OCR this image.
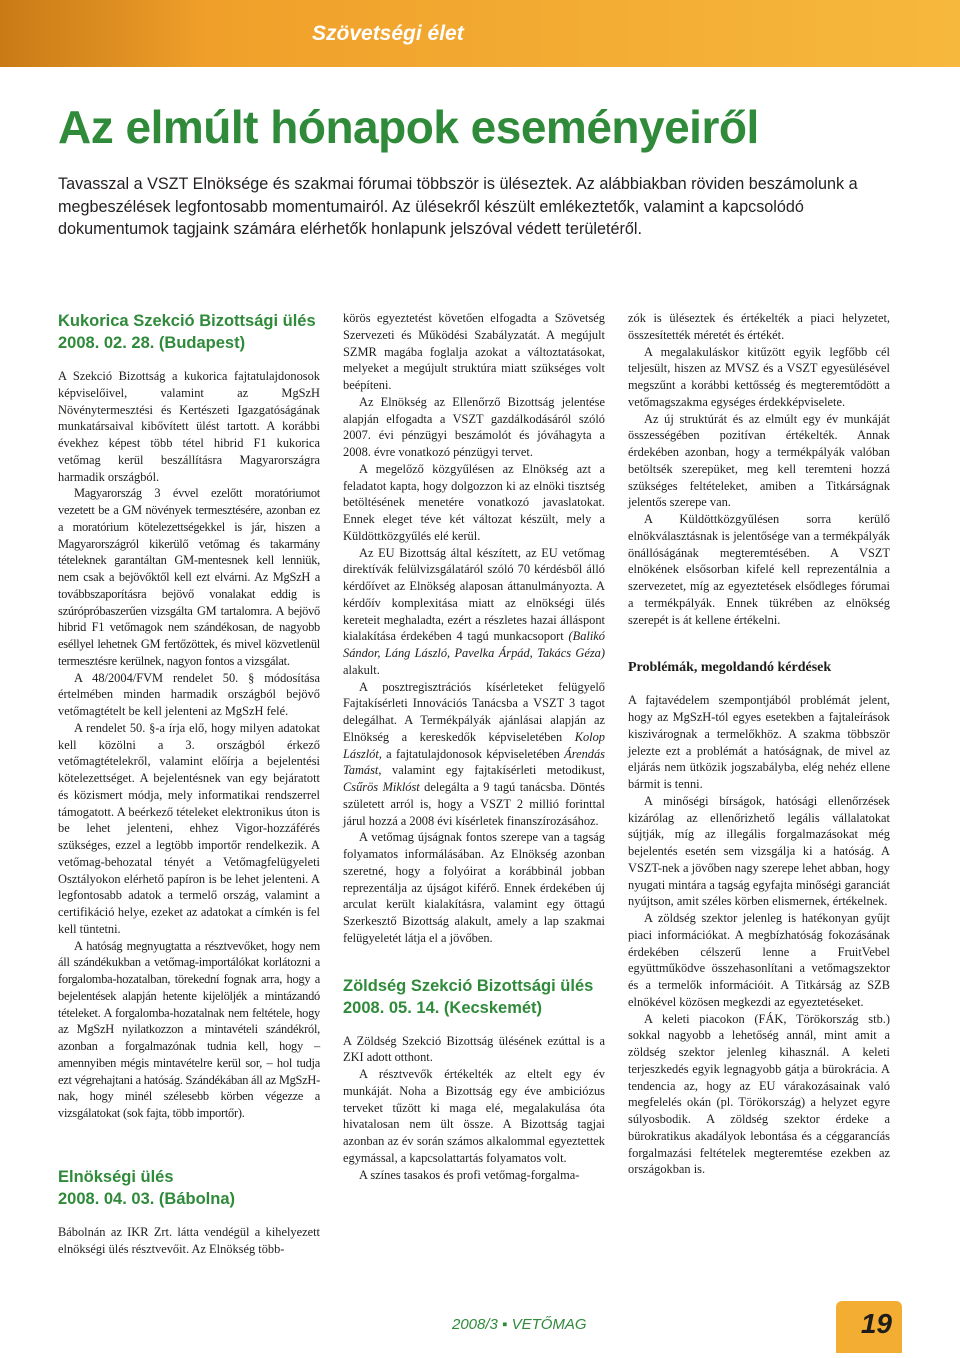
Szövetségi élet
Az elmúlt hónapok eseményeiről

Tavasszal a VSZT Elnöksége és szakmai fórumai többször is üléseztek. Az alábbiakban röviden beszámolunk a megbeszélések legfontosabb momentumairól. Az ülésekről készült emlékeztetők, valamint a kapcsolódó dokumentumok tagjaink számára elérhetők honlapunk jelszóval védett területéről.

Kukorica Szekció Bizottsági ülés 2008. 02. 28. (Budapest)

A Szekció Bizottság a kukorica fajtatulajdonosok képviselőivel, valamint az MgSzH Növénytermesztési és Kertészeti Igazgatóságának munkatársaival kibővített ülést tartott. A korábbi évekhez képest több tétel hibrid F1 kukorica vetőmag kerül beszállításra Magyarországra harmadik országból.

Magyarország 3 évvel ezelőtt moratóriumot vezetett be a GM növények termesztésére, azonban ez a moratórium kötelezettségekkel is jár, hiszen a Magyarországról kikerülő vetőmag és takarmány tételeknek garantáltan GM-mentesnek kell lenniük, nem csak a bejövőktől kell ezt elvárni. Az MgSzH a továbbszaporításra bejövő vonalakat eddig is szúrópróbaszerűen vizsgálta GM tartalomra. A bejövő hibrid F1 vetőmagok nem szándékosan, de nagyobb eséllyel lehetnek GM fertőzöttek, és mivel közvetlenül termesztésre kerülnek, nagyon fontos a vizsgálat.

A 48/2004/FVM rendelet 50. § módosítása értelmében minden harmadik országból bejövő vetőmagtételt be kell jelenteni az MgSzH felé.

A rendelet 50. §-a írja elő, hogy milyen adatokat kell közölni a 3. országból érkező vetőmagtételekről, valamint előírja a bejelentési kötelezettséget. A bejelentésnek van egy bejáratott és közismert módja, mely informatikai rendszerrel támogatott. A beérkező tételeket elektronikus úton is be lehet jelenteni, ehhez Vigor-hozzáférés szükséges, ezzel a legtöbb importőr rendelkezik. A vetőmag-behozatal tényét a Vetőmagfelügyeleti Osztályokon elérhető papíron is be lehet jelenteni. A legfontosabb adatok a termelő ország, valamint a certifikáció helye, ezeket az adatokat a címkén is fel kell tüntetni.

A hatóság megnyugtatta a résztvevőket, hogy nem áll szándékukban a vetőmag-importálókat korlátozni a forgalomba-hozatalban, törekední fognak arra, hogy a bejelentések alapján hetente kijelöljék a mintázandó tételeket. A forgalomba-hozatalnak nem feltétele, hogy az MgSzH nyilatkozzon a mintavételi szándékról, azonban a forgalmazónak tudnia kell, hogy – amennyiben mégis mintavételre kerül sor, – hol tudja ezt végrehajtani a hatóság. Szándékában áll az MgSzH-nak, hogy minél szélesebb körben végezze a vizsgálatokat (sok fajta, több importőr).

Elnökségi ülés
2008. 04. 03. (Bábolna)

Bábolnán az IKR Zrt. látta vendégül a kihelyezett elnökségi ülés résztvevőit. Az Elnökség több-

körös egyeztetést követően elfogadta a Szövetség Szervezeti és Működési Szabályzatát. A megújult SZMR magába foglalja azokat a változtatásokat, melyeket a megújult struktúra miatt szükséges volt beépíteni.

Az Elnökség az Ellenőrző Bizottság jelentése alapján elfogadta a VSZT gazdálkodásáról szóló 2007. évi pénzügyi beszámolót és jóváhagyta a 2008. évre vonatkozó pénzügyi tervet.

A megelőző közgyűlésen az Elnökség azt a feladatot kapta, hogy dolgozzon ki az elnöki tisztség betöltésének menetére vonatkozó javaslatokat. Ennek eleget téve két változat készült, mely a Küldöttközgyűlés elé kerül.

Az EU Bizottság által készített, az EU vetőmag direktívák felülvizsgálatáról szóló 70 kérdésből álló kérdőívet az Elnökség alaposan áttanulmányozta. A kérdőív komplexitása miatt az elnökségi ülés kereteit meghaladta, ezért a részletes hazai álláspont kialakítása érdekében 4 tagú munkacsoport (Balikó Sándor, Láng László, Pavelka Árpád, Takács Géza) alakult.

A posztregisztrációs kísérleteket felügyelő Fajtakísérleti Innovációs Tanácsba a VSZT 3 tagot delegálhat. A Termékpályák ajánlásai alapján az Elnökség a kereskedők képviseletében Kolop Lászlót, a fajtatulajdonosok képviseletében Árendás Tamást, valamint egy fajtakísérleti metodikust, Csűrös Miklóst delegálta a 9 tagú tanácsba. Döntés született arról is, hogy a VSZT 2 millió forinttal járul hozzá a 2008 évi kísérletek finanszírozásához.

A vetőmag újságnak fontos szerepe van a tagság folyamatos informálásában. Az Elnökség azonban szeretné, hogy a folyóirat a korábbinál jobban reprezentálja az újságot kiférő. Ennek érdekében új arculat került kialakításra, valamint egy öttagú Szerkesztő Bizottság alakult, amely a lap szakmai felügyeletét látja el a jövőben.

Zöldség Szekció Bizottsági ülés 2008. 05. 14. (Kecskemét)

A Zöldség Szekció Bizottság ülésének ezúttal is a ZKI adott otthont.

A résztvevők értékelték az eltelt egy év munkáját. Noha a Bizottság egy éve ambiciózus terveket tűzött ki maga elé, megalakulása óta hivatalosan nem ült össze. A Bizottság tagjai azonban az év során számos alkalommal egyeztettek egymással, a kapcsolattartás folyamatos volt.

A színes tasakos és profi vetőmag-forgalma-

zók is üléseztek és értékelték a piaci helyzetet, összesítették méretét és értékét.

A megalakuláskor kitűzött egyik legfőbb cél teljesült, hiszen az MVSZ és a VSZT egyesülésével megszűnt a korábbi kettősség és megteremtődött a vetőmagszakma egységes érdekképviselete.

Az új struktúrát és az elmúlt egy év munkáját összességében pozitívan értékelték. Annak érdekében azonban, hogy a termékpályák valóban betöltsék szerepüket, meg kell teremteni hozzá szükséges feltételeket, amiben a Titkárságnak jelentős szerepe van.

A Küldöttközgyűlésen sorra kerülő elnökválasztásnak is jelentősége van a termékpályák önállóságának megteremtésében. A VSZT elnökének elsősorban kifelé kell reprezentálnia a szervezetet, míg az egyeztetések elsődleges fórumai a termékpályák. Ennek tükrében az elnökség szerepét is át kellene értékelni.

Problémák, megoldandó kérdések

A fajtavédelem szempontjából problémát jelent, hogy az MgSzH-tól egyes esetekben a fajtaleírások kiszivárognak a termelőkhöz. A szakma többször jelezte ezt a problémát a hatóságnak, de mivel az eljárás nem ütközik jogszabályba, elég nehéz ellene bármit is tenni.

A minőségi bírságok, hatósági ellenőrzések kizárólag az ellenőrizhető legális vállalatokat sújtják, míg az illegális forgalmazásokat még bejelentés esetén sem vizsgálja ki a hatóság. A VSZT-nek a jövőben nagy szerepe lehet abban, hogy nyugati mintára a tagság egyfajta minőségi garanciát nyújtson, amit széles körben elismernek, értékelnek.

A zöldség szektor jelenleg is hatékonyan gyűjt piaci információkat. A megbízhatóság fokozásának érdekében célszerű lenne a FruitVebel együttműködve összehasonlítani a vetőmagszektor és a termelők információit. A Titkárság az SZB elnökével közösen megkezdi az egyeztetéseket.

A keleti piacokon (FÁK, Törökország stb.) sokkal nagyobb a lehetőség annál, mint amit a zöldség szektor jelenleg kihasznál. A keleti terjeszkedés egyik legnagyobb gátja a bürokrácia. A tendencia az, hogy az EU várakozásainak való megfelelés okán (pl. Törökország) a helyzet egyre súlyosbodik. A zöldség szektor érdeke a bürokratikus akadályok lebontása és a céggarancíás forgalmazási feltételek megteremtése ezekben az országokban is.

2008/3 ▪ VETŐMAG	19
